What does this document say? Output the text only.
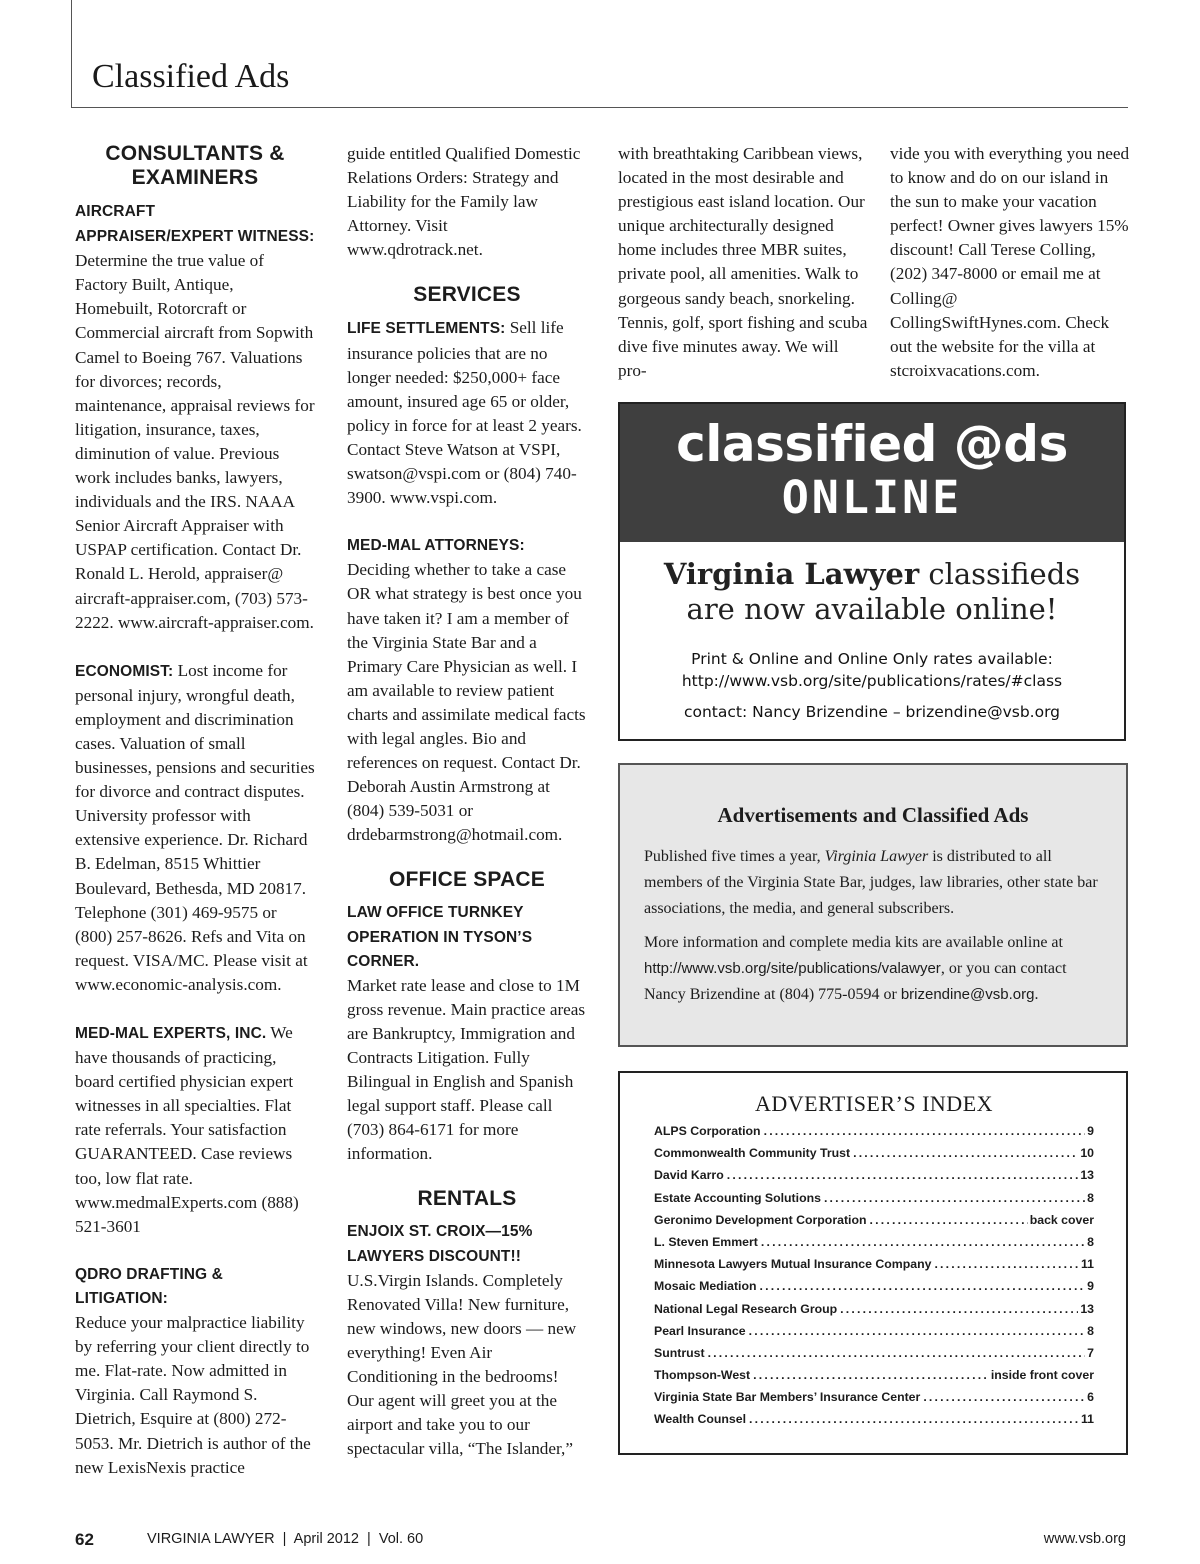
Classified Ads
CONSULTANTS & EXAMINERS
AIRCRAFT APPRAISER/EXPERT WITNESS: Determine the true value of Factory Built, Antique, Homebuilt, Rotorcraft or Commercial aircraft from Sopwith Camel to Boeing 767. Valuations for divorces; records, maintenance, appraisal reviews for litigation, insurance, taxes, diminution of value. Previous work includes banks, lawyers, individuals and the IRS. NAAA Senior Aircraft Appraiser with USPAP certification. Contact Dr. Ronald L. Herold, appraiser@ aircraft-appraiser.com, (703) 573-2222. www.aircraft-appraiser.com.
ECONOMIST: Lost income for personal injury, wrongful death, employment and discrimination cases. Valuation of small businesses, pensions and securities for divorce and contract disputes. University professor with extensive experience. Dr. Richard B. Edelman, 8515 Whittier Boulevard, Bethesda, MD 20817. Telephone (301) 469-9575 or (800) 257-8626. Refs and Vita on request. VISA/MC. Please visit at www.economic-analysis.com.
MED-MAL EXPERTS, INC. We have thousands of practicing, board certified physician expert witnesses in all specialties. Flat rate referrals. Your satisfaction GUARANTEED. Case reviews too, low flat rate. www.medmalExperts.com (888) 521-3601
QDRO DRAFTING & LITIGATION:
Reduce your malpractice liability by referring your client directly to me. Flat-rate. Now admitted in Virginia. Call Raymond S. Dietrich, Esquire at (800) 272-5053. Mr. Dietrich is author of the new LexisNexis practice
guide entitled Qualified Domestic Relations Orders: Strategy and Liability for the Family law Attorney. Visit www.qdrotrack.net.
SERVICES
LIFE SETTLEMENTS: Sell life insurance policies that are no longer needed: $250,000+ face amount, insured age 65 or older, policy in force for at least 2 years. Contact Steve Watson at VSPI, swatson@vspi.com or (804) 740-3900. www.vspi.com.
MED-MAL ATTORNEYS:
Deciding whether to take a case OR what strategy is best once you have taken it? I am a member of the Virginia State Bar and a Primary Care Physician as well. I am available to review patient charts and assimilate medical facts with legal angles. Bio and references on request. Contact Dr. Deborah Austin Armstrong at (804) 539-5031 or drdebarmstrong@hotmail.com.
OFFICE SPACE
LAW OFFICE TURNKEY OPERATION IN TYSON’S CORNER.
Market rate lease and close to 1M gross revenue. Main practice areas are Bankruptcy, Immigration and Contracts Litigation. Fully Bilingual in English and Spanish legal support staff. Please call (703) 864-6171 for more information.
RENTALS
ENJOIX ST. CROIX—15% LAWYERS DISCOUNT!!
U.S.Virgin Islands. Completely Renovated Villa! New furniture, new windows, new doors — new everything! Even Air Conditioning in the bedrooms! Our agent will greet you at the airport and take you to our spectacular villa, “The Islander,”

with breathtaking Caribbean views, located in the most desirable and prestigious east island location. Our unique architecturally designed home includes three MBR suites, private pool, all amenities. Walk to gorgeous sandy beach, snorkeling. Tennis, golf, sport fishing and scuba dive five minutes away. We will pro-

vide you with everything you need to know and do on our island in the sun to make your vacation perfect! Owner gives lawyers 15% discount! Call Terese Colling, (202) 347-8000 or email me at Colling@ CollingSwiftHynes.com. Check out the website for the villa at stcroixvacations.com.

classified @ds
ONLINE
Virginia Lawyer classifieds
are now available online!
Print & Online and Online Only rates available:
http://www.vsb.org/site/publications/rates/#class
contact: Nancy Brizendine – brizendine@vsb.org
Advertisements and Classified Ads

Published five times a year, Virginia Lawyer is distributed to all members of the Virginia State Bar, judges, law libraries, other state bar associations, the media, and general subscribers.

More information and complete media kits are available online at http://www.vsb.org/site/publications/valawyer, or you can contact Nancy Brizendine at (804) 775-0594 or brizendine@vsb.org.

ADVERTISER’S INDEX
ALPS Corporation .....	9
Commonwealth Community Trust .....	10
David Karro .....	13
Estate Accounting Solutions .....	8
Geronimo Development Corporation .....	back cover
L. Steven Emmert .....	8
Minnesota Lawyers Mutual Insurance Company .....	11
Mosaic Mediation .....	9
National Legal Research Group .....	13
Pearl Insurance .....	8
Suntrust .....	7
Thompson-West .....	inside front cover
Virginia State Bar Members’ Insurance Center .....	6
Wealth Counsel .....	11
62	VIRGINIA LAWYER  |  April 2012  |  Vol. 60	www.vsb.org
